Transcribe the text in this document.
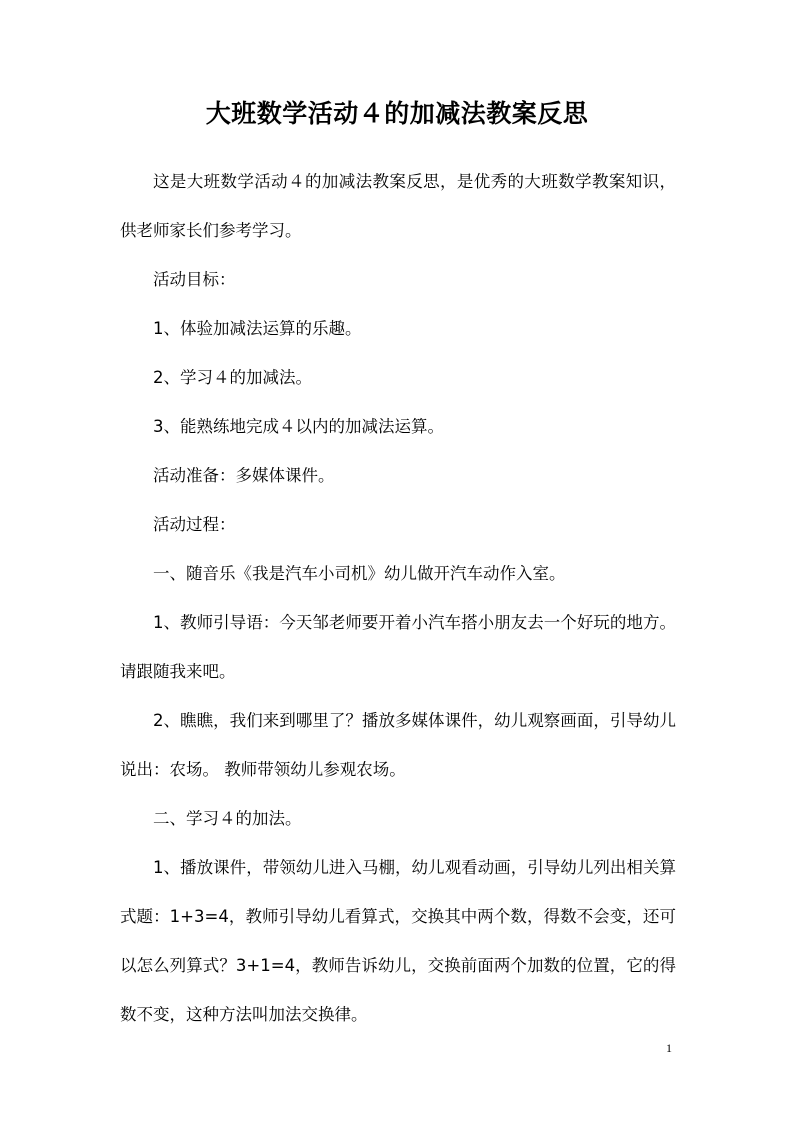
大班数学活动４的加减法教案反思

这是大班数学活动４的加减法教案反思，是优秀的大班数学教案知识，供老师家长们参考学习。

活动目标：

1、体验加减法运算的乐趣。

2、学习４的加减法。

3、能熟练地完成４以内的加减法运算。

活动准备：多媒体课件。

活动过程：

一、随音乐《我是汽车小司机》幼儿做开汽车动作入室。

1、教师引导语：今天邹老师要开着小汽车搭小朋友去一个好玩的地方。请跟随我来吧。

2、瞧瞧，我们来到哪里了？播放多媒体课件，幼儿观察画面，引导幼儿说出：农场。 教师带领幼儿参观农场。

二、学习４的加法。

1、播放课件，带领幼儿进入马棚，幼儿观看动画，引导幼儿列出相关算式题：1+3=4，教师引导幼儿看算式，交换其中两个数，得数不会变，还可以怎么列算式？3+1=4，教师告诉幼儿，交换前面两个加数的位置，它的得数不变，这种方法叫加法交换律。

1
